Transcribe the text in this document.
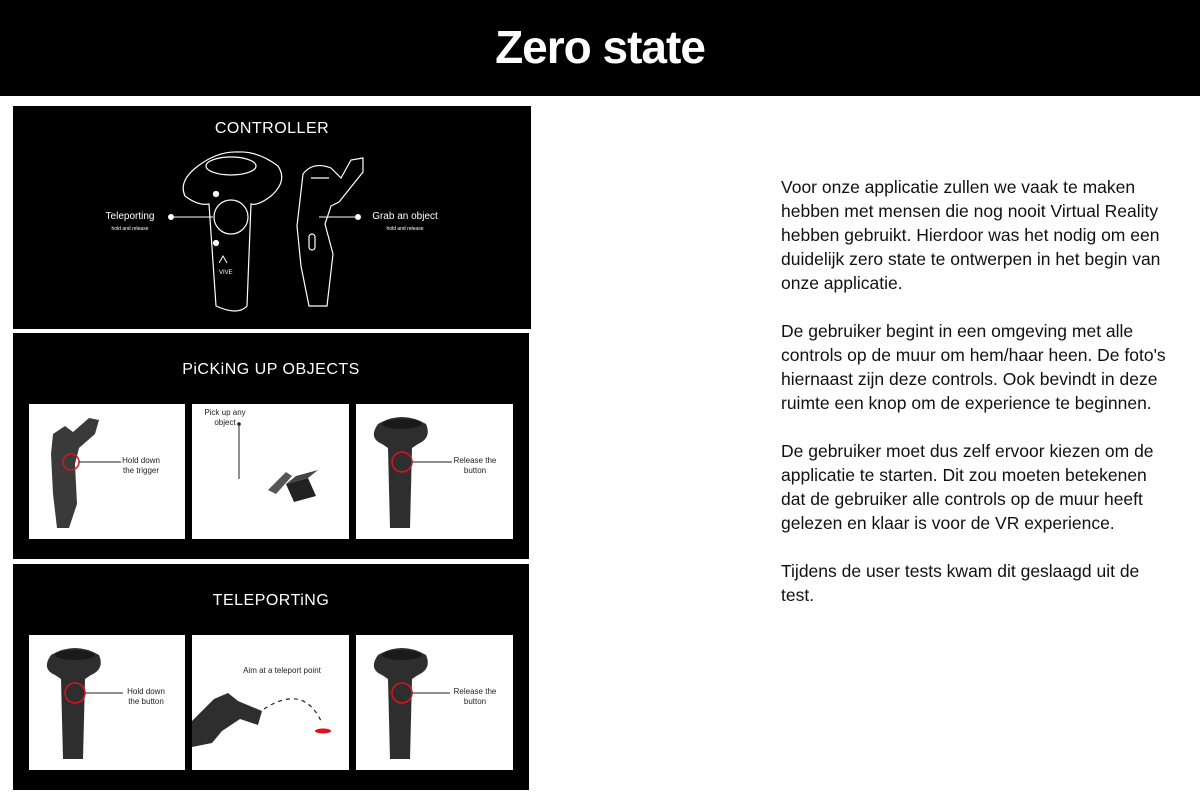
Zero state
CONTROLLER
VIVE
Teleporting
hold and release
Grab an object
hold and release
PiCKiNG UP OBJECTS
Hold down the trigger
Pick up any object
Release the button
TELEPORTiNG
Hold down the button
Aim at a teleport point
Release the button

Voor onze applicatie zullen we vaak te maken hebben met mensen die nog nooit Virtual Reality hebben gebruikt. Hierdoor was het nodig om een duidelijk zero state te ontwerpen in het begin van onze applicatie.

De gebruiker begint in een omgeving met alle controls op de muur om hem/haar heen. De foto's hiernaast zijn deze controls. Ook bevindt in deze ruimte een knop om de experience te beginnen.

De gebruiker moet dus zelf ervoor kiezen om de applicatie te starten. Dit zou moeten betekenen dat de gebruiker alle controls op de muur heeft gelezen en klaar is voor de VR experience.

Tijdens de user tests kwam dit geslaagd uit de test.
